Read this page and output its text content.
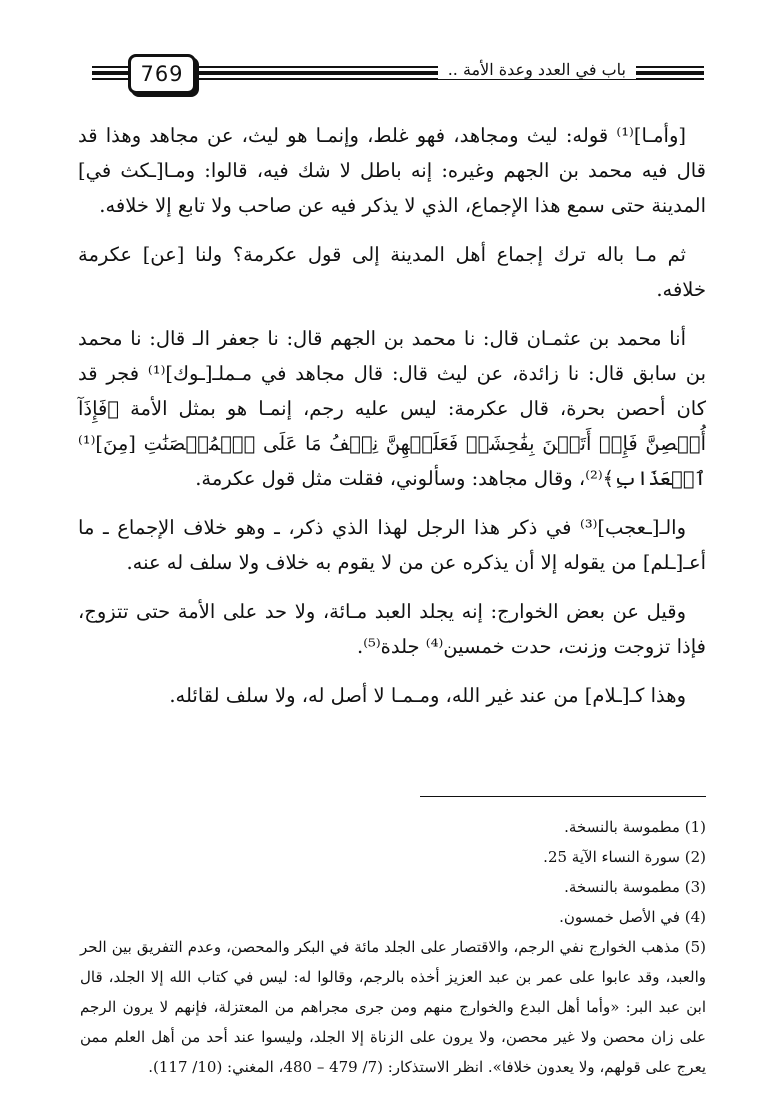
769	باب في العدد وعدة الأمة ..

[وأمـا]⁽¹⁾ قوله: ليث ومجاهد، فهو غلط، وإنمـا هو ليث، عن مجاهد وهذا قد قال فيه محمد بن الجهم وغيره: إنه باطل لا شك فيه، قالوا: ومـا[ـكث في] المدينة حتى سمع هذا الإجماع، الذي لا يذكر فيه عن صاحب ولا تابع إلا خلافه.

ثم مـا باله ترك إجماع أهل المدينة إلى قول عكرمة؟ ولنا [عن] عكرمة خلافه.

أنا محمد بن عثمـان قال: نا محمد بن الجهم قال: نا جعفر الـ قال: نا محمد بن سابق قال: نا زائدة، عن ليث قال: قال مجاهد في مـملـ[ـوك]⁽¹⁾ فجر قد كان أحصن بحرة، قال عكرمة: ليس عليه رجم، إنمـا هو بمثل الأمة ﴿فَإِذَآ أُحۡصِنَّ فَإِنۡ أَتَيۡنَ بِفَٰحِشَةٖ فَعَلَيۡهِنَّ نِصۡفُ مَا عَلَى ٱلۡمُحۡصَنَٰتِ [مِنَ]⁽¹⁾ ٱلۡعَذَابِ﴾⁽²⁾، وقال مجاهد: وسألوني، فقلت مثل قول عكرمة.

والـ[ـعجب]⁽³⁾ في ذكر هذا الرجل لهذا الذي ذكر، ـ وهو خلاف الإجماع ـ ما أعـ[ـلم] من يقوله إلا أن يذكره عن من لا يقوم به خلاف ولا سلف له عنه.

وقيل عن بعض الخوارج: إنه يجلد العبد مـائة، ولا حد على الأمة حتى تتزوج، فإذا تزوجت وزنت، حدت خمسين⁽⁴⁾ جلدة⁽⁵⁾.

وهذا كـ[ـلام] من عند غير الله، ومـمـا لا أصل له، ولا سلف لقائله.

(1) مطموسة بالنسخة.

(2) سورة النساء الآية 25.

(3) مطموسة بالنسخة.

(4) في الأصل خمسون.

(5) مذهب الخوارج نفي الرجم، والاقتصار على الجلد مائة في البكر والمحصن، وعدم التفريق بين الحر والعبد، وقد عابوا على عمر بن عبد العزيز أخذه بالرجم، وقالوا له: ليس في كتاب الله إلا الجلد، قال ابن عبد البر: «وأما أهل البدع والخوارج منهم ومن جرى مجراهم من المعتزلة، فإنهم لا يرون الرجم على زان محصن ولا غير محصن، ولا يرون على الزناة إلا الجلد، وليسوا عند أحد من أهل العلم ممن يعرج على قولهم، ولا يعدون خلافا». انظر الاستذكار: (7/ 479 – 480، المغني: (10/ 117).
